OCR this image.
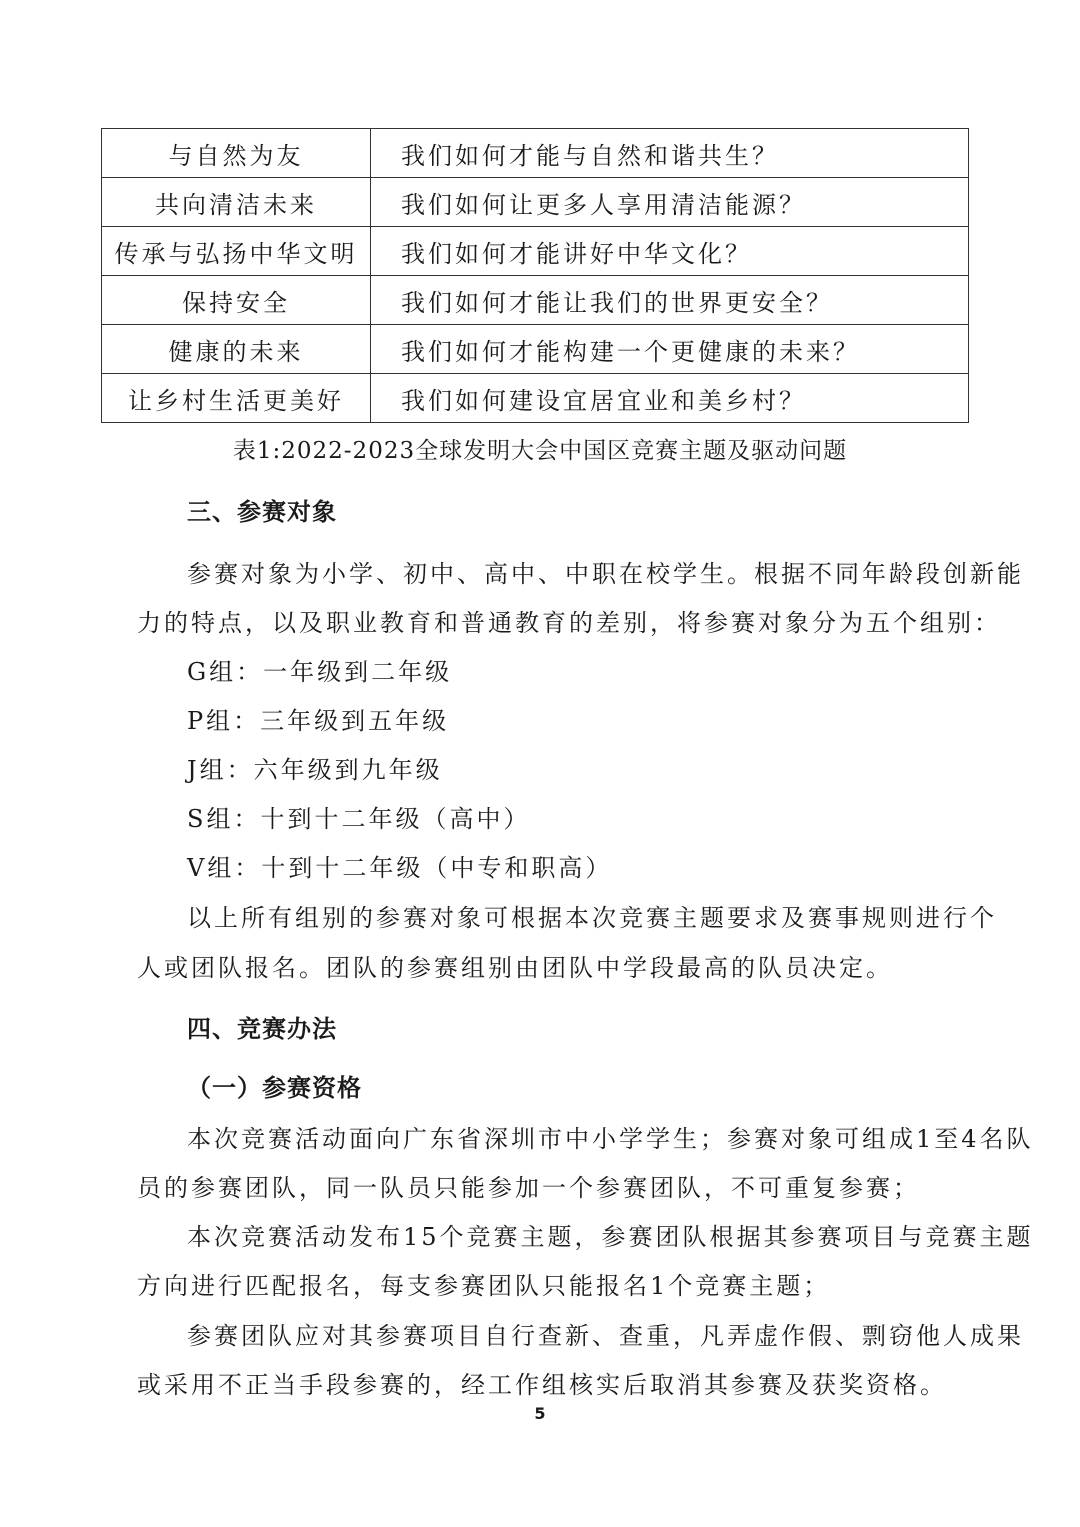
与自然为友	我们如何才能与自然和谐共生？
共向清洁未来	我们如何让更多人享用清洁能源？
传承与弘扬中华文明	我们如何才能讲好中华文化？
保持安全	我们如何才能让我们的世界更安全？
健康的未来	我们如何才能构建一个更健康的未来？
让乡村生活更美好	我们如何建设宜居宜业和美乡村？
表1:2022-2023全球发明大会中国区竞赛主题及驱动问题
三、参赛对象
参赛对象为小学、初中、高中、中职在校学生。根据不同年龄段创新能
力的特点，以及职业教育和普通教育的差别，将参赛对象分为五个组别：
G组：一年级到二年级
P组：三年级到五年级
J组：六年级到九年级
S组：十到十二年级（高中）
V组：十到十二年级（中专和职高）
以上所有组别的参赛对象可根据本次竞赛主题要求及赛事规则进行个
人或团队报名。团队的参赛组别由团队中学段最高的队员决定。
四、竞赛办法
（一）参赛资格
本次竞赛活动面向广东省深圳市中小学学生；参赛对象可组成1至4名队
员的参赛团队，同一队员只能参加一个参赛团队，不可重复参赛；
本次竞赛活动发布15个竞赛主题，参赛团队根据其参赛项目与竞赛主题
方向进行匹配报名，每支参赛团队只能报名1个竞赛主题；
参赛团队应对其参赛项目自行查新、查重，凡弄虚作假、剽窃他人成果
或采用不正当手段参赛的，经工作组核实后取消其参赛及获奖资格。
5
